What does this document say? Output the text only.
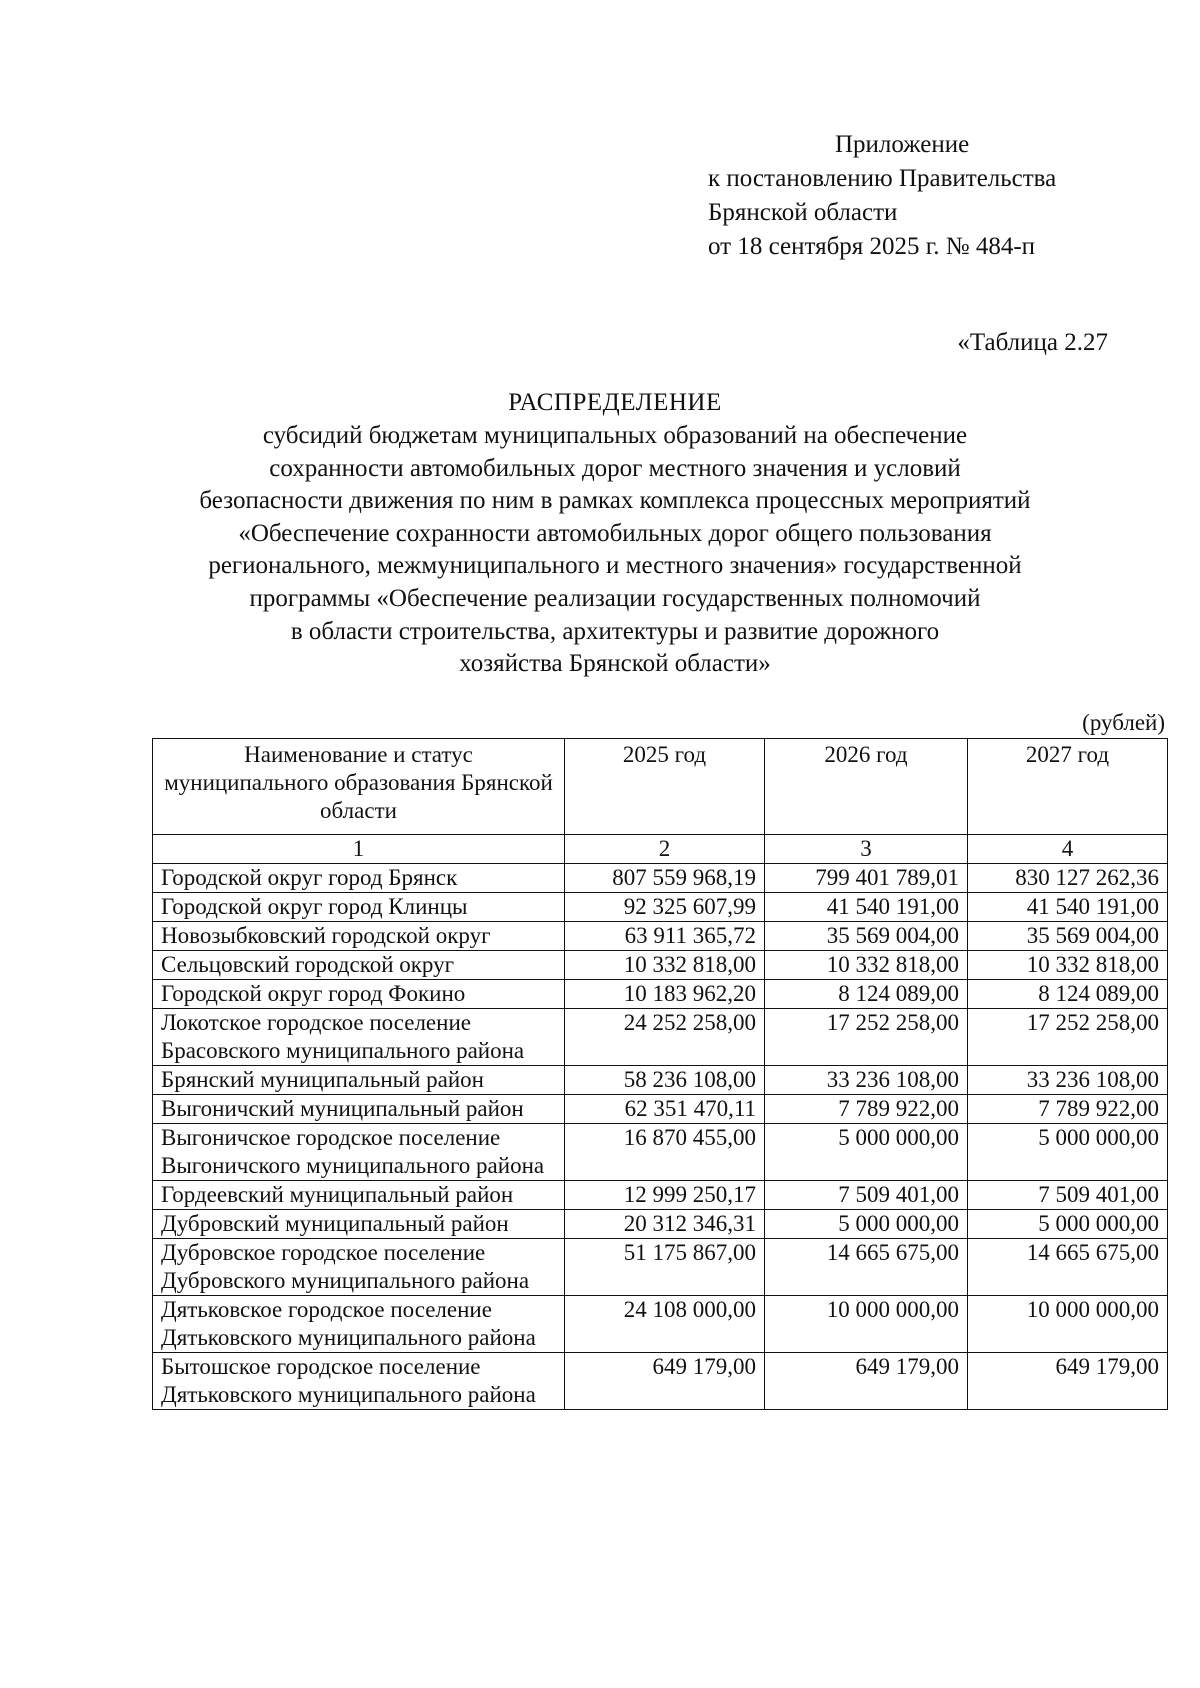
Приложение
к постановлению Правительства
Брянской области
от 18 сентября 2025 г. № 484-п
«Таблица 2.27
РАСПРЕДЕЛЕНИЕ
субсидий бюджетам муниципальных образований на обеспечение
сохранности автомобильных дорог местного значения и условий
безопасности движения по ним в рамках комплекса процессных мероприятий
«Обеспечение сохранности автомобильных дорог общего пользования
регионального, межмуниципального и местного значения» государственной
программы «Обеспечение реализации государственных полномочий
в области строительства, архитектуры и развитие дорожного
хозяйства Брянской области»
(рублей)
Наименование и статус муниципального образования Брянской области	2025 год	2026 год	2027 год
1	2	3	4
Городской округ город Брянск	807 559 968,19	799 401 789,01	830 127 262,36
Городской округ город Клинцы	92 325 607,99	41 540 191,00	41 540 191,00
Новозыбковский городской округ	63 911 365,72	35 569 004,00	35 569 004,00
Сельцовский городской округ	10 332 818,00	10 332 818,00	10 332 818,00
Городской округ город Фокино	10 183 962,20	8 124 089,00	8 124 089,00
Локотское городское поселение Брасовского муниципального района	24 252 258,00	17 252 258,00	17 252 258,00
Брянский муниципальный район	58 236 108,00	33 236 108,00	33 236 108,00
Выгоничский муниципальный район	62 351 470,11	7 789 922,00	7 789 922,00
Выгоничское городское поселение Выгоничского муниципального района	16 870 455,00	5 000 000,00	5 000 000,00
Гордеевский муниципальный район	12 999 250,17	7 509 401,00	7 509 401,00
Дубровский муниципальный район	20 312 346,31	5 000 000,00	5 000 000,00
Дубровское городское поселение Дубровского муниципального района	51 175 867,00	14 665 675,00	14 665 675,00
Дятьковское городское поселение Дятьковского муниципального района	24 108 000,00	10 000 000,00	10 000 000,00
Бытошское городское поселение Дятьковского муниципального района	649 179,00	649 179,00	649 179,00
